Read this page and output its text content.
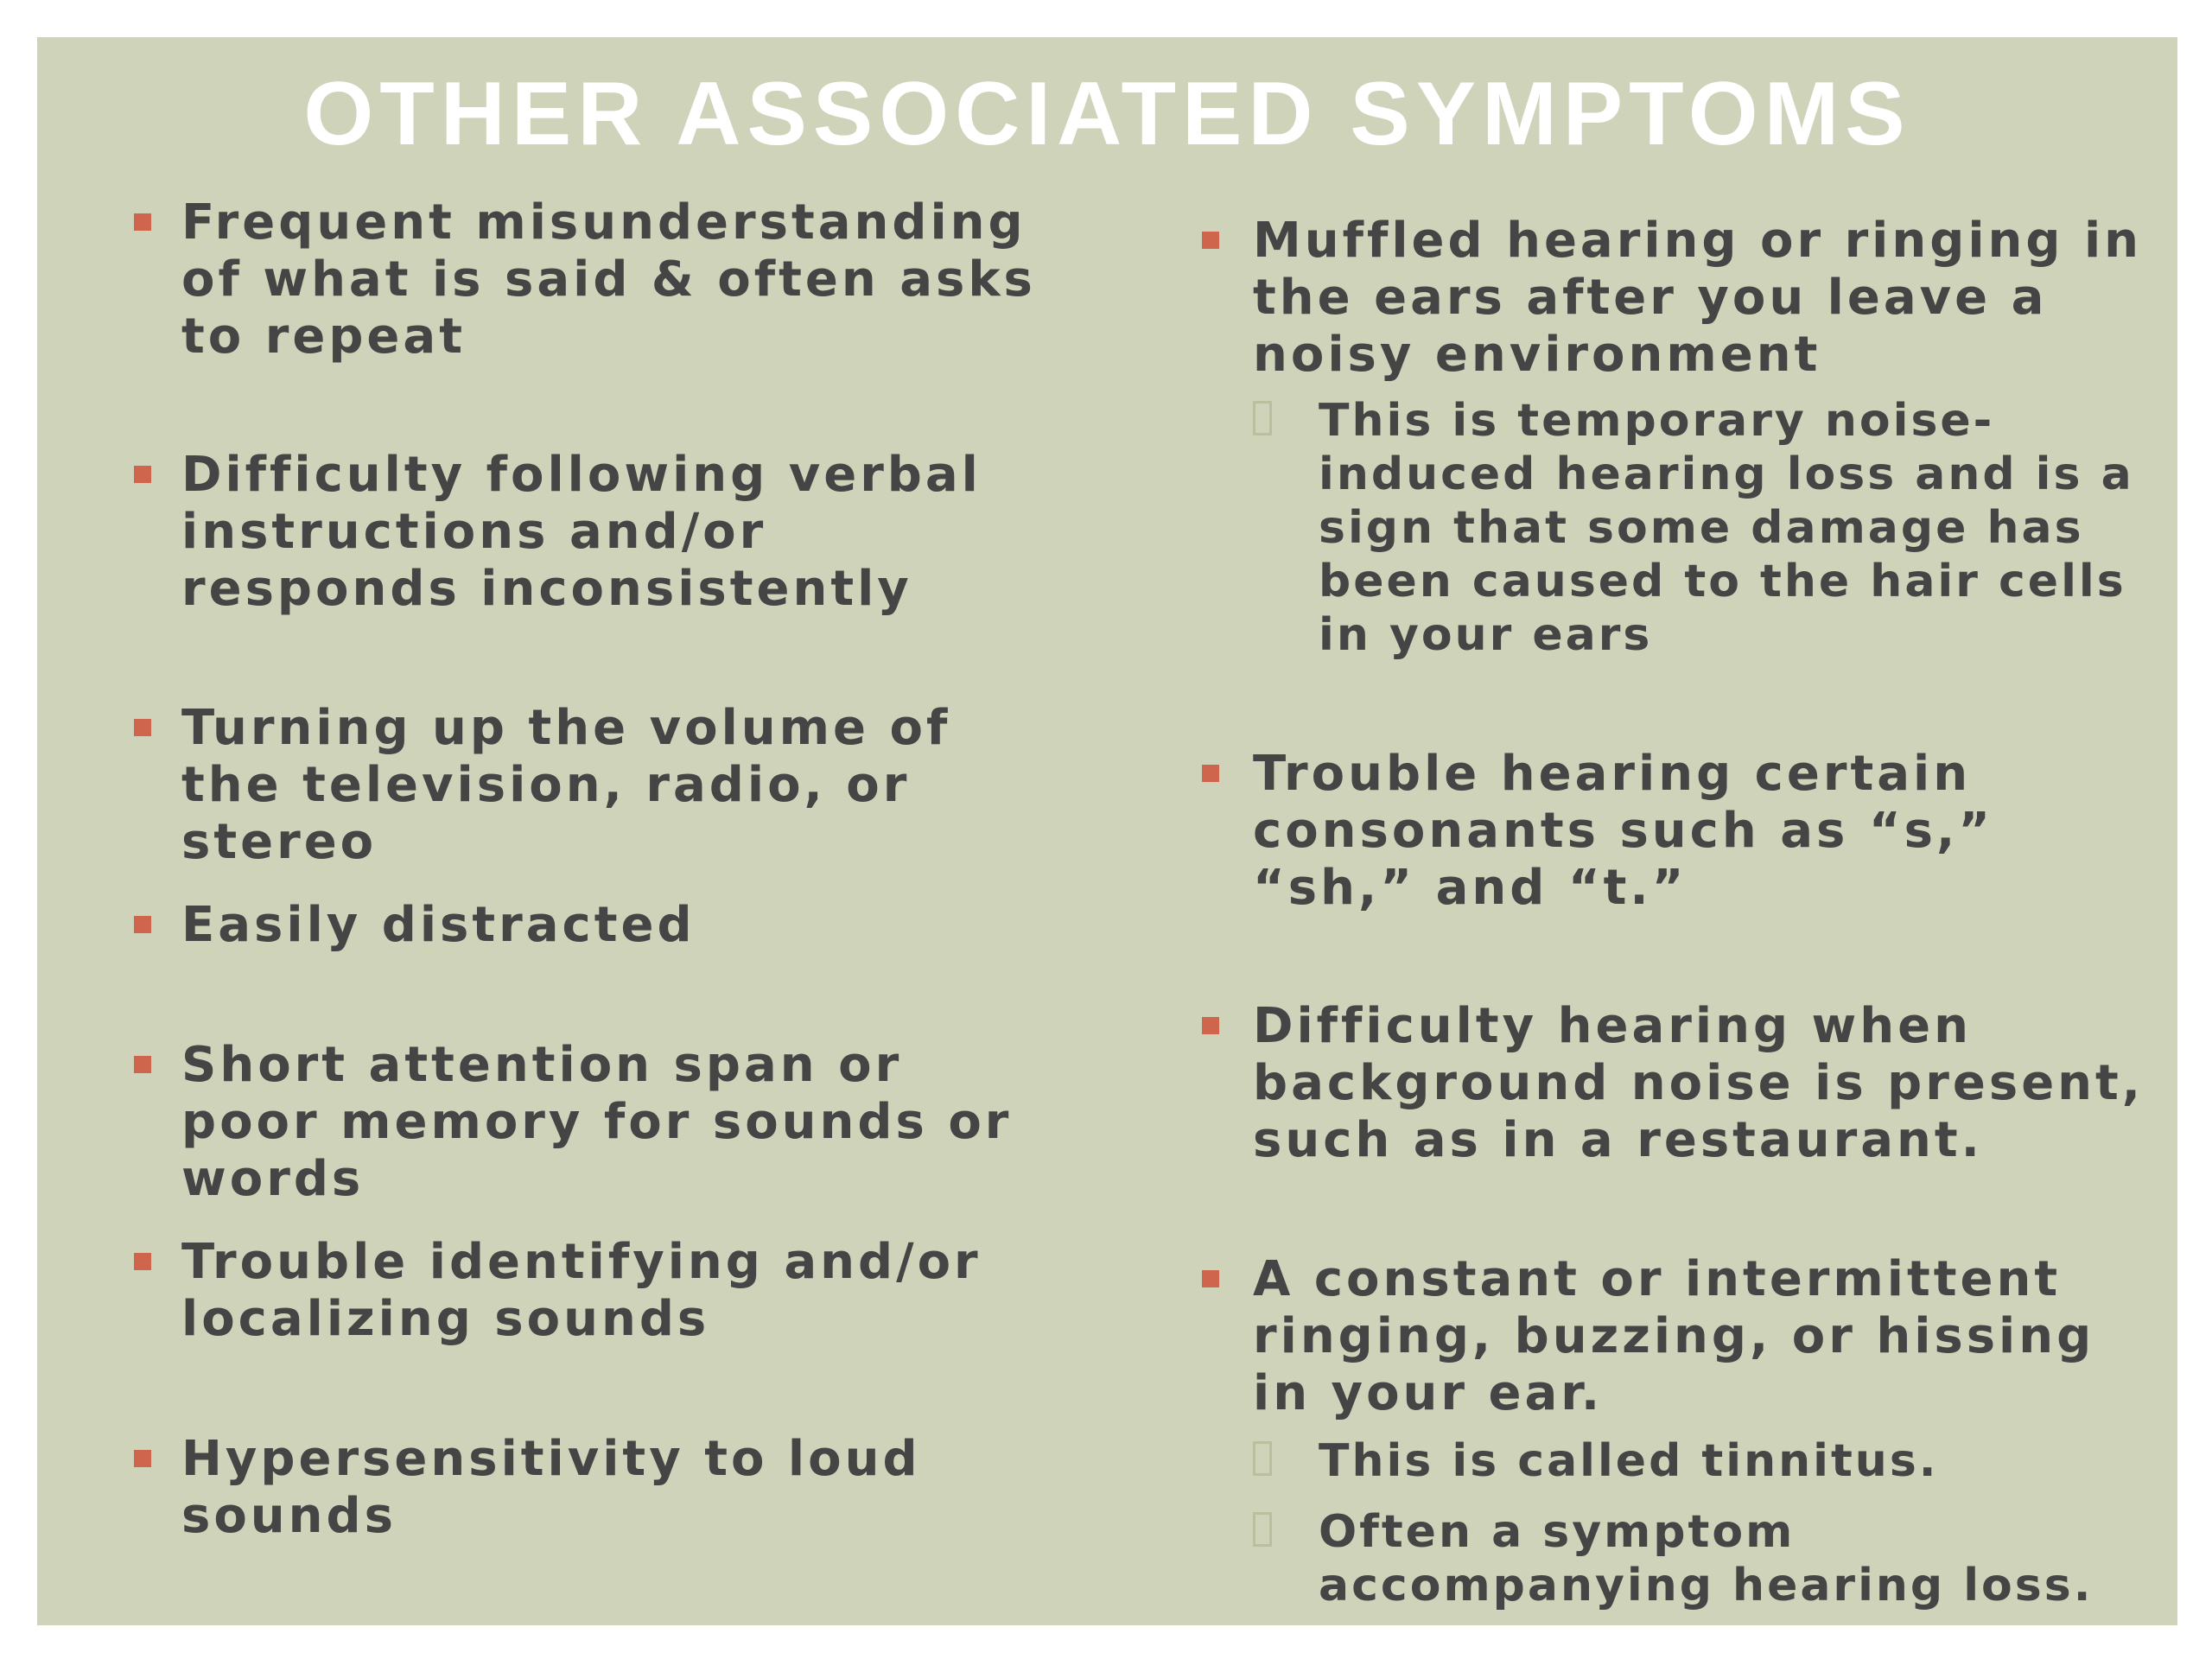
OTHER ASSOCIATED SYMPTOMS
Frequent misunderstanding of what is said & often asks to repeat
Difficulty following verbal instructions and/or responds inconsistently
Turning up the volume of the television, radio, or stereo
Easily distracted
Short attention span or poor memory for sounds or words
Trouble identifying and/or localizing sounds
Hypersensitivity to loud sounds
Muffled hearing or ringing in the ears after you leave a noisy environment
This is temporary noise-induced hearing loss and is a sign that some damage has been caused to the hair cells in your ears
Trouble hearing certain consonants such as “s,” “sh,” and “t.”
Difficulty hearing when background noise is present, such as in a restaurant.
A constant or intermittent ringing, buzzing, or hissing in your ear.
This is called tinnitus.
Often a symptom accompanying hearing loss.
